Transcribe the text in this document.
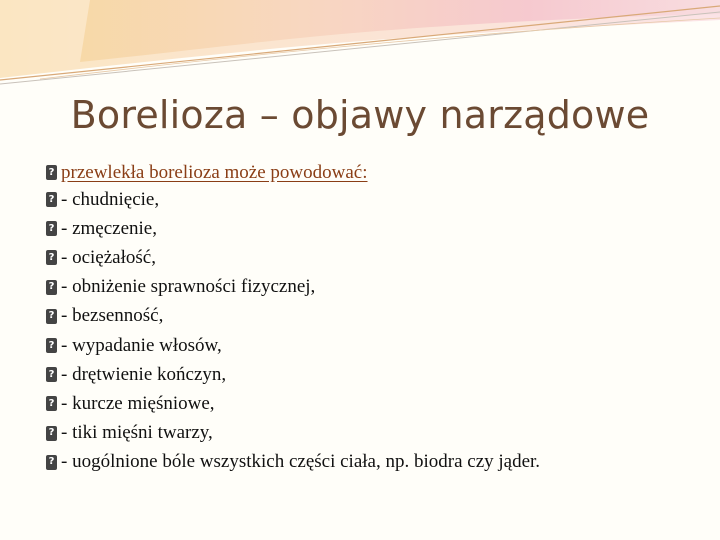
Borelioza – objawy narządowe
? przewlekła borelioza może powodować:
? - chudnięcie,
? - zmęczenie,
? - ociężałość,
? - obniżenie sprawności fizycznej,
? - bezsenność,
? - wypadanie włosów,
? - drętwienie kończyn,
? - kurcze mięśniowe,
? - tiki mięśni twarzy,
? - uogólnione bóle wszystkich części ciała, np. biodra czy jąder.
